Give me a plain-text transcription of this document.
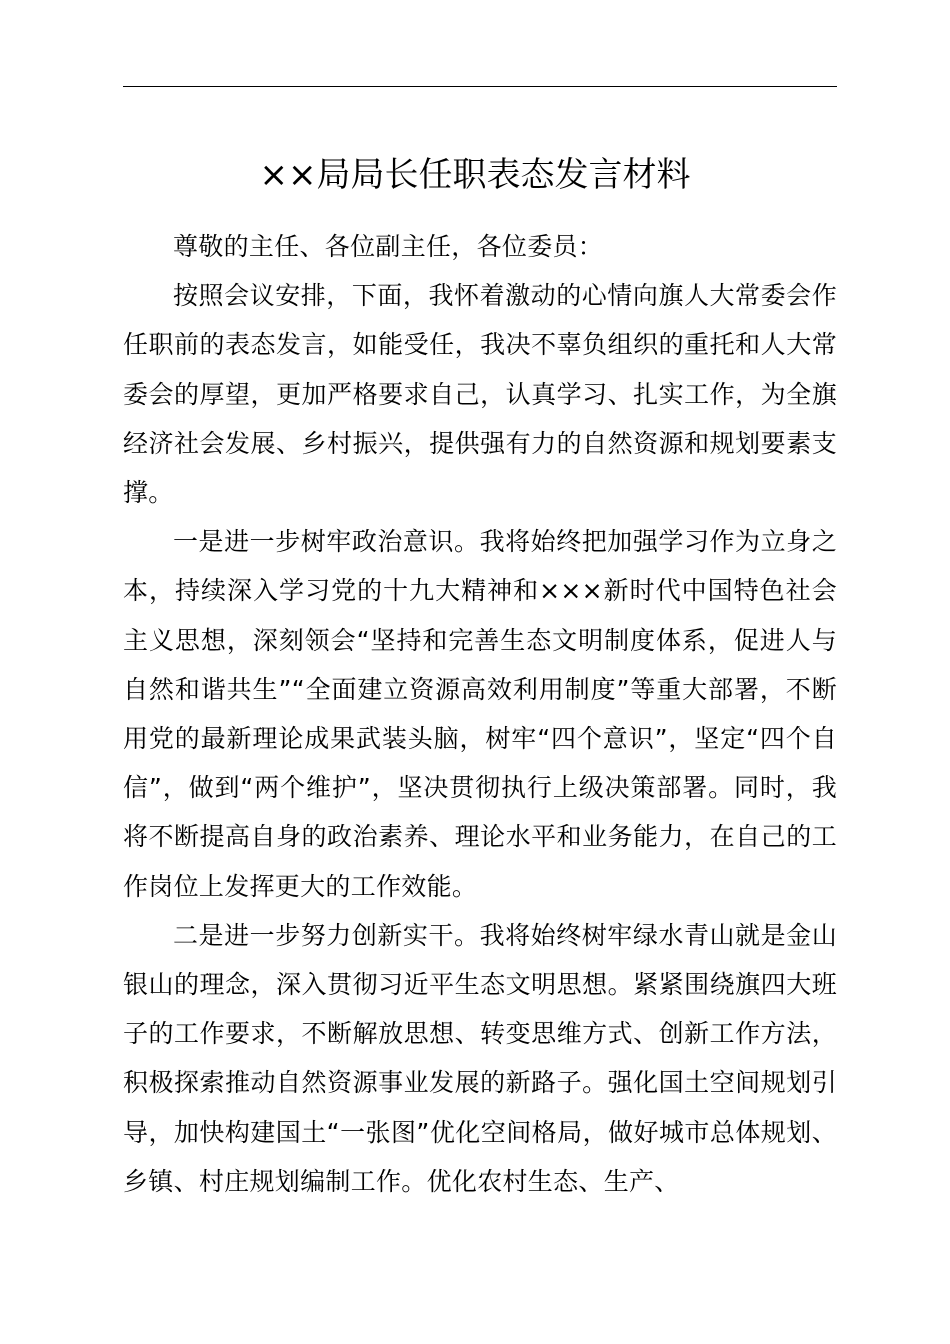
××局局长任职表态发言材料

尊敬的主任、各位副主任，各位委员：

按照会议安排，下面，我怀着激动的心情向旗人大常委会作任职前的表态发言，如能受任，我决不辜负组织的重托和人大常委会的厚望，更加严格要求自己，认真学习、扎实工作，为全旗经济社会发展、乡村振兴，提供强有力的自然资源和规划要素支撑。

一是进一步树牢政治意识。我将始终把加强学习作为立身之本，持续深入学习党的十九大精神和×××新时代中国特色社会主义思想，深刻领会“坚持和完善生态文明制度体系，促进人与自然和谐共生”“全面建立资源高效利用制度”等重大部署，不断用党的最新理论成果武装头脑，树牢“四个意识”，坚定“四个自信”，做到“两个维护”，坚决贯彻执行上级决策部署。同时，我将不断提高自身的政治素养、理论水平和业务能力，在自己的工作岗位上发挥更大的工作效能。

二是进一步努力创新实干。我将始终树牢绿水青山就是金山银山的理念，深入贯彻习近平生态文明思想。紧紧围绕旗四大班子的工作要求，不断解放思想、转变思维方式、创新工作方法，积极探索推动自然资源事业发展的新路子。强化国土空间规划引导，加快构建国土“一张图”优化空间格局，做好城市总体规划、乡镇、村庄规划编制工作。优化农村生态、生产、
